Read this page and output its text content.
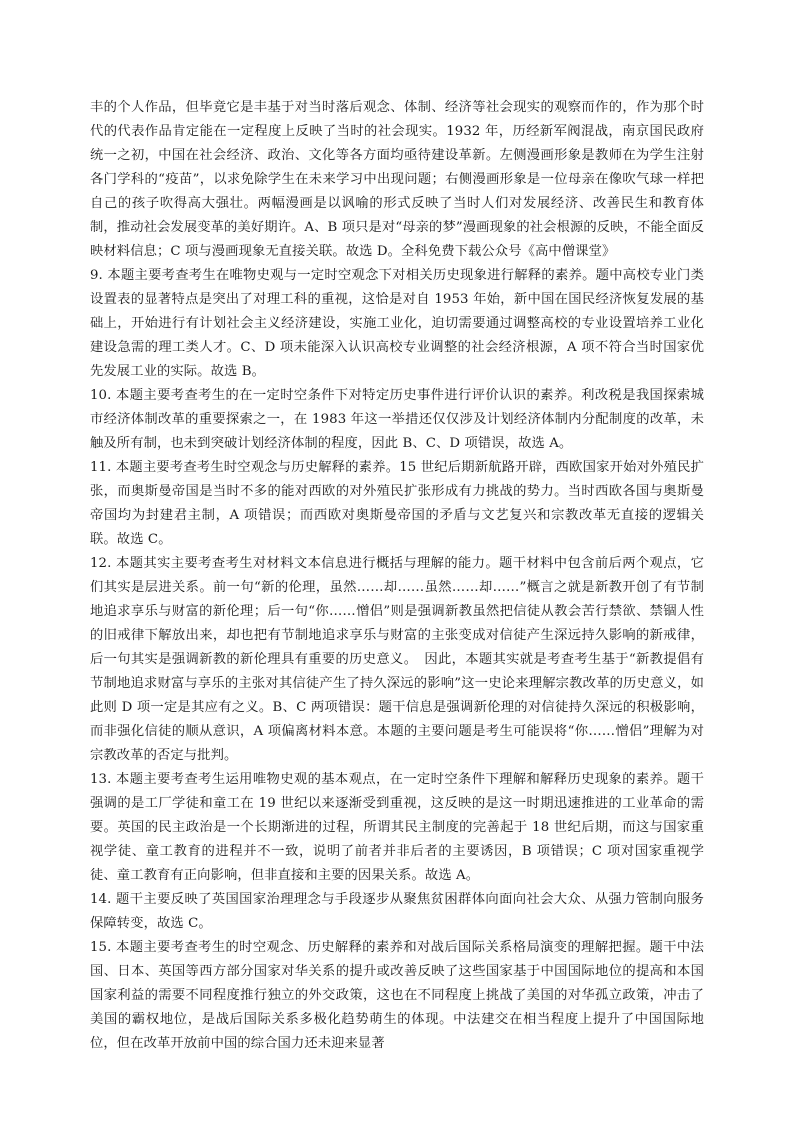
丰的个人作品，但毕竟它是丰基于对当时落后观念、体制、经济等社会现实的观察而作的，作为那个时代的代表作品肯定能在一定程度上反映了当时的社会现实。1932 年，历经新军阀混战，南京国民政府统一之初，中国在社会经济、政治、文化等各方面均亟待建设革新。左侧漫画形象是教师在为学生注射各门学科的“疫苗”，以求免除学生在未来学习中出现问题；右侧漫画形象是一位母亲在像吹气球一样把自己的孩子吹得高大强壮。两幅漫画是以讽喻的形式反映了当时人们对发展经济、改善民生和教育体制，推动社会发展变革的美好期许。A、B 项只是对“母亲的梦”漫画现象的社会根源的反映，不能全面反映材料信息；C 项与漫画现象无直接关联。故选 D。全科免费下载公众号《高中僧课堂》

9. 本题主要考查考生在唯物史观与一定时空观念下对相关历史现象进行解释的素养。题中高校专业门类设置表的显著特点是突出了对理工科的重视，这恰是对自 1953 年始，新中国在国民经济恢复发展的基础上，开始进行有计划社会主义经济建设，实施工业化，迫切需要通过调整高校的专业设置培养工业化建设急需的理工类人才。C、D 项未能深入认识高校专业调整的社会经济根源，A 项不符合当时国家优先发展工业的实际。故选 B。

10. 本题主要考查考生的在一定时空条件下对特定历史事件进行评价认识的素养。利改税是我国探索城市经济体制改革的重要探索之一，在 1983 年这一举措还仅仅涉及计划经济体制内分配制度的改革，未触及所有制，也未到突破计划经济体制的程度，因此 B、C、D 项错误，故选 A。

11. 本题主要考查考生时空观念与历史解释的素养。15 世纪后期新航路开辟，西欧国家开始对外殖民扩张，而奥斯曼帝国是当时不多的能对西欧的对外殖民扩张形成有力挑战的势力。当时西欧各国与奥斯曼帝国均为封建君主制，A 项错误；而西欧对奥斯曼帝国的矛盾与文艺复兴和宗教改革无直接的逻辑关联。故选 C。

12. 本题其实主要考查考生对材料文本信息进行概括与理解的能力。题干材料中包含前后两个观点，它们其实是层进关系。前一句“新的伦理，虽然……却……虽然……却……”概言之就是新教开创了有节制地追求享乐与财富的新伦理；后一句“你……憎侣”则是强调新教虽然把信徒从教会苦行禁欲、禁锢人性的旧戒律下解放出来，却也把有节制地追求享乐与财富的主张变成对信徒产生深远持久影响的新戒律，后一句其实是强调新教的新伦理具有重要的历史意义。　因此，本题其实就是考查考生基于“新教提倡有节制地追求财富与享乐的主张对其信徒产生了持久深远的影响”这一史论来理解宗教改革的历史意义，如此则 D 项一定是其应有之义。B、C 两项错误：题干信息是强调新伦理的对信徒持久深远的积极影响，而非强化信徒的顺从意识，A 项偏离材料本意。本题的主要问题是考生可能误将“你……憎侣”理解为对宗教改革的否定与批判。

13. 本题主要考查考生运用唯物史观的基本观点，在一定时空条件下理解和解释历史现象的素养。题干强调的是工厂学徒和童工在 19 世纪以来逐渐受到重视，这反映的是这一时期迅速推进的工业革命的需要。英国的民主政治是一个长期渐进的过程，所谓其民主制度的完善起于 18 世纪后期，而这与国家重视学徒、童工教育的进程并不一致，说明了前者并非后者的主要诱因，B 项错误；C 项对国家重视学徒、童工教育有正向影响，但非直接和主要的因果关系。故选 A。

14. 题干主要反映了英国国家治理理念与手段逐步从聚焦贫困群体向面向社会大众、从强力管制向服务保障转变，故选 C。

15. 本题主要考查考生的时空观念、历史解释的素养和对战后国际关系格局演变的理解把握。题干中法国、日本、英国等西方部分国家对华关系的提升或改善反映了这些国家基于中国国际地位的提高和本国国家利益的需要不同程度推行独立的外交政策，这也在不同程度上挑战了美国的对华孤立政策，冲击了美国的霸权地位，是战后国际关系多极化趋势萌生的体现。中法建交在相当程度上提升了中国国际地位，但在改革开放前中国的综合国力还未迎来显著
